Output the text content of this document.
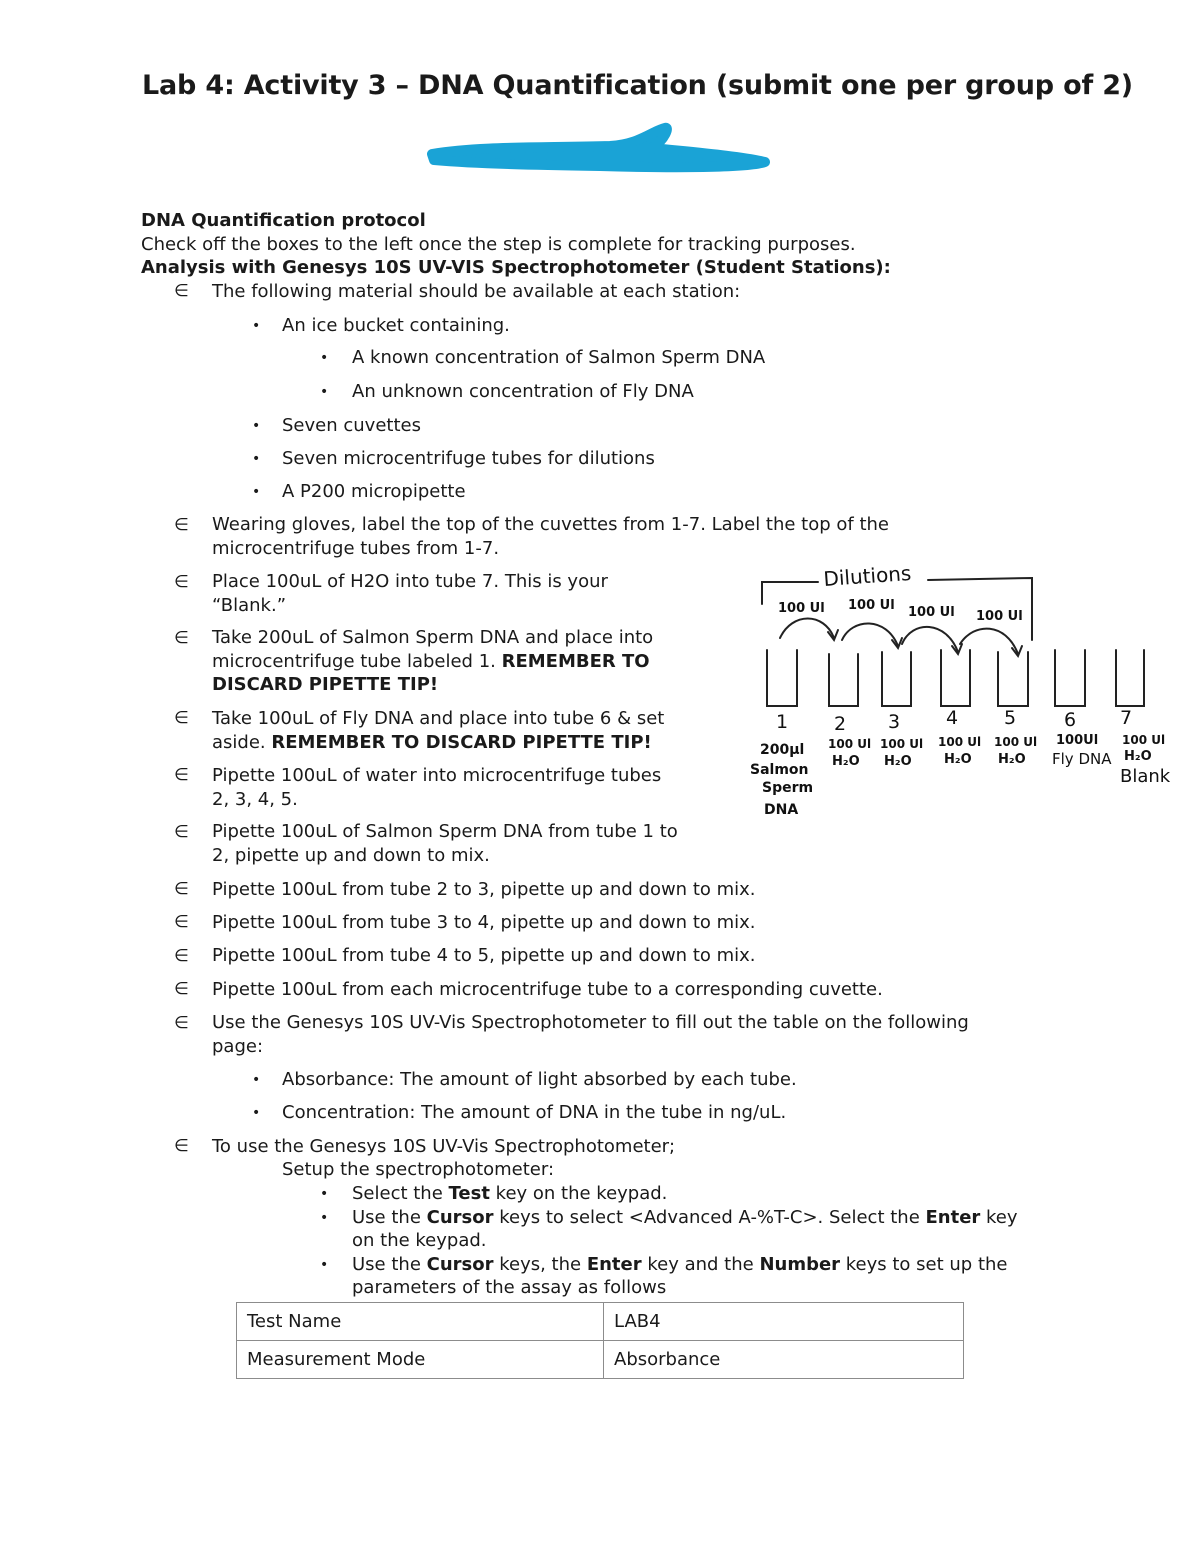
Lab 4: Activity 3 – DNA Quantification (submit one per group of 2)
DNA Quantification protocol
Check off the boxes to the left once the step is complete for tracking purposes.
Analysis with Genesys 10S UV-VIS Spectrophotometer (Student Stations):
∈ The following material should be available at each station:
• An ice bucket containing.
• A known concentration of Salmon Sperm DNA
• An unknown concentration of Fly DNA
• Seven cuvettes
• Seven microcentrifuge tubes for dilutions
• A P200 micropipette
∈ Wearing gloves, label the top of the cuvettes from 1-7. Label the top of the
microcentrifuge tubes from 1-7.
∈ Place 100uL of H2O into tube 7. This is your
“Blank.”
∈ Take 200uL of Salmon Sperm DNA and place into
microcentrifuge tube labeled 1. REMEMBER TO
DISCARD PIPETTE TIP!
∈ Take 100uL of Fly DNA and place into tube 6 & set
aside. REMEMBER TO DISCARD PIPETTE TIP!
∈ Pipette 100uL of water into microcentrifuge tubes
2, 3, 4, 5.
∈ Pipette 100uL of Salmon Sperm DNA from tube 1 to
2, pipette up and down to mix.
∈ Pipette 100uL from tube 2 to 3, pipette up and down to mix.
∈ Pipette 100uL from tube 3 to 4, pipette up and down to mix.
∈ Pipette 100uL from tube 4 to 5, pipette up and down to mix.
∈ Pipette 100uL from each microcentrifuge tube to a corresponding cuvette.
∈ Use the Genesys 10S UV-Vis Spectrophotometer to fill out the table on the following
page:
• Absorbance: The amount of light absorbed by each tube.
• Concentration: The amount of DNA in the tube in ng/uL.
∈ To use the Genesys 10S UV-Vis Spectrophotometer;
Setup the spectrophotometer:
• Select the Test key on the keypad.
• Use the Cursor keys to select <Advanced A-%T-C>. Select the Enter key
on the keypad.
• Use the Cursor keys, the Enter key and the Number keys to set up the
parameters of the assay as follows
Test Name	LAB4
Measurement Mode	Absorbance
Dilutions
100 Ul 100 Ul 100 Ul 100 Ul
1 2 3 4 5	6 7
200µl
Salmon
Sperm
DNA
100 Ul
H₂O
100 Ul
H₂O
100 Ul
H₂O
100 Ul
H₂O
100Ul
Fly DNA
100 Ul
H₂O
Blank
